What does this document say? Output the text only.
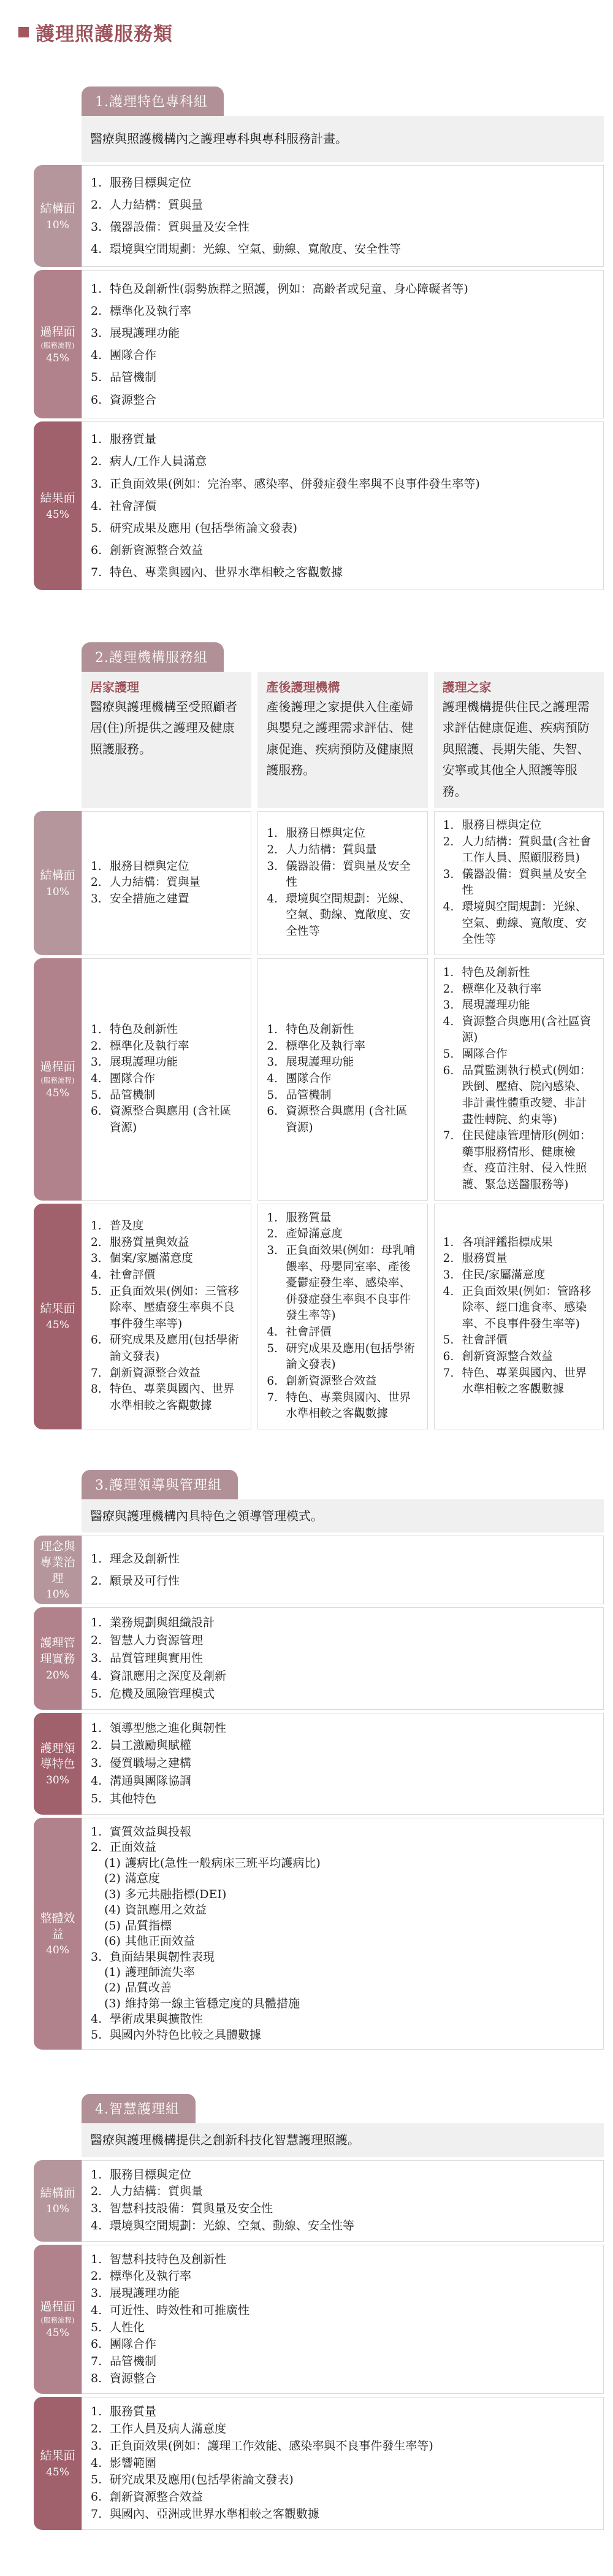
護理照護服務類
1.護理特色專科組
醫療與照護機構內之護理專科與專科服務計畫。
結構面
10%
1. 服務目標與定位
2. 人力結構：質與量
3. 儀器設備：質與量及安全性
4. 環境與空間規劃：光線、空氣、動線、寬敞度、安全性等
過程面
(服務流程)
45%
1. 特色及創新性(弱勢族群之照護，例如：高齡者或兒童、身心障礙者等)
2. 標準化及執行率
3. 展現護理功能
4. 團隊合作
5. 品管機制
6. 資源整合
結果面
45%
1. 服務質量
2. 病人/工作人員滿意
3. 正負面效果(例如：完治率、感染率、併發症發生率與不良事件發生率等)
4. 社會評價
5. 研究成果及應用 (包括學術論文發表)
6. 創新資源整合效益
7. 特色、專業與國內、世界水準相較之客觀數據
2.護理機構服務組
居家護理
醫療與護理機構至受照顧者居(住)所提供之護理及健康照護服務。
產後護理機構
產後護理之家提供入住產婦與嬰兒之護理需求評估、健康促進、疾病預防及健康照護服務。
護理之家
護理機構提供住民之護理需求評估健康促進、疾病預防與照護、長期失能、失智、安寧或其他全人照護等服務。
結構面
10%
1. 服務目標與定位
2. 人力結構：質與量
3. 安全措施之建置
1. 服務目標與定位
2. 人力結構：質與量
3. 儀器設備：質與量及安全性
4. 環境與空間規劃：光線、空氣、動線、寬敞度、安全性等
1. 服務目標與定位
2. 人力結構：質與量(含社會工作人員、照顧服務員)
3. 儀器設備：質與量及安全性
4. 環境與空間規劃：光線、空氣、動線、寬敞度、安全性等
過程面
(服務流程)
45%
1. 特色及創新性
2. 標準化及執行率
3. 展現護理功能
4. 團隊合作
5. 品管機制
6. 資源整合與應用 (含社區資源)
1. 特色及創新性
2. 標準化及執行率
3. 展現護理功能
4. 團隊合作
5. 品管機制
6. 資源整合與應用 (含社區資源)
1. 特色及創新性
2. 標準化及執行率
3. 展現護理功能
4. 資源整合與應用(含社區資源)
5. 團隊合作
6. 品質監測執行模式(例如：跌倒、壓瘡、院內感染、非計畫性體重改變、非計畫性轉院、約束等)
7. 住民健康管理情形(例如：藥事服務情形、健康檢查、疫苗注射、侵入性照護、緊急送醫服務等)
結果面
45%
1. 普及度
2. 服務質量與效益
3. 個案/家屬滿意度
4. 社會評價
5. 正負面效果(例如：三管移除率、壓瘡發生率與不良事件發生率等)
6. 研究成果及應用(包括學術論文發表)
7. 創新資源整合效益
8. 特色、專業與國內、世界水準相較之客觀數據
1. 服務質量
2. 產婦滿意度
3. 正負面效果(例如：母乳哺餵率、母嬰同室率、產後憂鬱症發生率、感染率、併發症發生率與不良事件發生率等)
4. 社會評價
5. 研究成果及應用(包括學術論文發表)
6. 創新資源整合效益
7. 特色、專業與國內、世界水準相較之客觀數據
1. 各項評鑑指標成果
2. 服務質量
3. 住民/家屬滿意度
4. 正負面效果(例如：管路移除率、經口進食率、感染率、不良事件發生率等)
5. 社會評價
6. 創新資源整合效益
7. 特色、專業與國內、世界水準相較之客觀數據
3.護理領導與管理組
醫療與護理機構內具特色之領導管理模式。
理念與專業治理
10%
1. 理念及創新性
2. 願景及可行性
護理管理實務
20%
1. 業務規劃與組織設計
2. 智慧人力資源管理
3. 品質管理與實用性
4. 資訊應用之深度及創新
5. 危機及風險管理模式
護理領導特色
30%
1. 領導型態之進化與韌性
2. 員工激勵與賦權
3. 優質職場之建構
4. 溝通與團隊協調
5. 其他特色
整體效益
40%
1. 實質效益與投報
2. 正面效益
(1) 護病比(急性一般病床三班平均護病比)
(2) 滿意度
(3) 多元共融指標(DEI)
(4) 資訊應用之效益
(5) 品質指標
(6) 其他正面效益
3. 負面結果與韌性表現
(1) 護理師流失率
(2) 品質改善
(3) 維持第一線主管穩定度的具體措施
4. 學術成果與擴散性
5. 與國內外特色比較之具體數據
4.智慧護理組
醫療與護理機構提供之創新科技化智慧護理照護。
結構面
10%
1. 服務目標與定位
2. 人力結構：質與量
3. 智慧科技設備：質與量及安全性
4. 環境與空間規劃：光線、空氣、動線、安全性等
過程面
(服務流程)
45%
1. 智慧科技特色及創新性
2. 標準化及執行率
3. 展現護理功能
4. 可近性、時效性和可推廣性
5. 人性化
6. 團隊合作
7. 品管機制
8. 資源整合
結果面
45%
1. 服務質量
2. 工作人員及病人滿意度
3. 正負面效果(例如：護理工作效能、感染率與不良事件發生率等)
4. 影響範圍
5. 研究成果及應用(包括學術論文發表)
6. 創新資源整合效益
7. 與國內、亞洲或世界水準相較之客觀數據
